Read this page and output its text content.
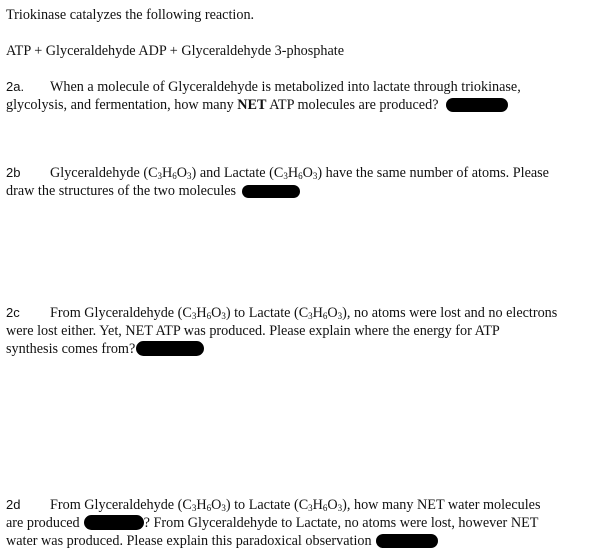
Triokinase catalyzes the following reaction.
ATP + Glyceraldehyde ADP + Glyceraldehyde 3-phosphate
2a. When a molecule of Glyceraldehyde is metabolized into lactate through triokinase,
glycolysis, and fermentation, how many NET ATP molecules are produced?
2b Glyceraldehyde $(C_3H_6O_3)$ and Lactate $(C_3H_6O_3)$ have the same number of atoms. Please
draw the structures of the two molecules
2c From Glyceraldehyde $(C_3H_6O_3)$ to Lactate $(C_3H_6O_3)$, no atoms were lost and no electrons
were lost either. Yet, NET ATP was produced. Please explain where the energy for ATP
synthesis comes from?
2d From Glyceraldehyde $(C_3H_6O_3)$ to Lactate $(C_3H_6O_3)$, how many NET water molecules
are produced	? From Glyceraldehyde to Lactate, no atoms were lost, however NET
water was produced. Please explain this paradoxical observation
